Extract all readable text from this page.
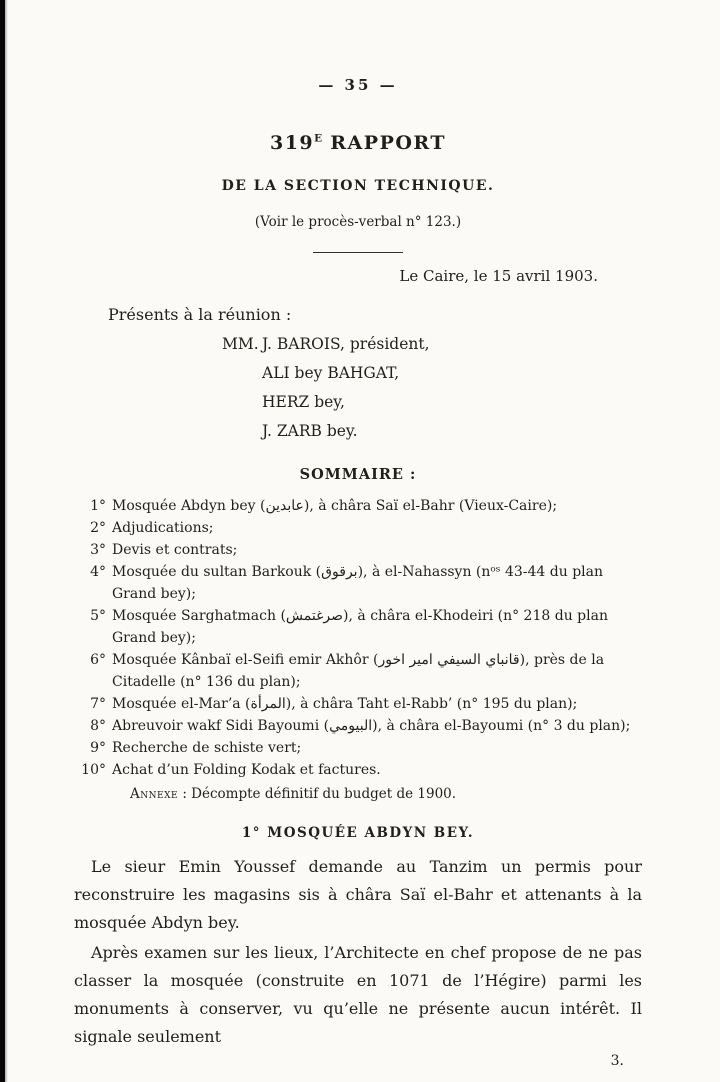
— 35 —
$319^E$ RAPPORT
DE LA SECTION TECHNIQUE.
(Voir le procès-verbal n° 123.)
Le Caire, le 15 avril 1903.
Présents à la réunion :
MM. J. BAROIS, président,
ALI bey BAHGAT,
HERZ bey,
J. ZARB bey.
SOMMAIRE :
1° Mosquée Abdyn bey (عابدين), à châra Saï el-Bahr (Vieux-Caire);
2° Adjudications;
3° Devis et contrats;
4° Mosquée du sultan Barkouk (برقوق), à el-Nahassyn (nᵒˢ 43-44 du plan Grand bey);
5° Mosquée Sarghatmach (صرغتمش), à châra el-Khodeiri (n° 218 du plan Grand bey);
6° Mosquée Kânbaï el-Seifi emir Akhôr (قانباي السيفي امير اخور), près de la Citadelle (n° 136 du plan);
7° Mosquée el-Mar’a (المرأة), à châra Taht el-Rabb’ (n° 195 du plan);
8° Abreuvoir wakf Sidi Bayoumi (البيومي), à châra el-Bayoumi (n° 3 du plan);
9° Recherche de schiste vert;
10° Achat d’un Folding Kodak et factures.
Annexe : Décompte définitif du budget de 1900.
1° MOSQUÉE ABDYN BEY.

Le sieur Emin Youssef demande au Tanzim un permis pour reconstruire les magasins sis à châra Saï el-Bahr et attenants à la mosquée Abdyn bey.

Après examen sur les lieux, l’Architecte en chef propose de ne pas classer la mosquée (construite en 1071 de l’Hégire) parmi les monuments à conserver, vu qu’elle ne présente aucun intérêt. Il signale seulement

3.
